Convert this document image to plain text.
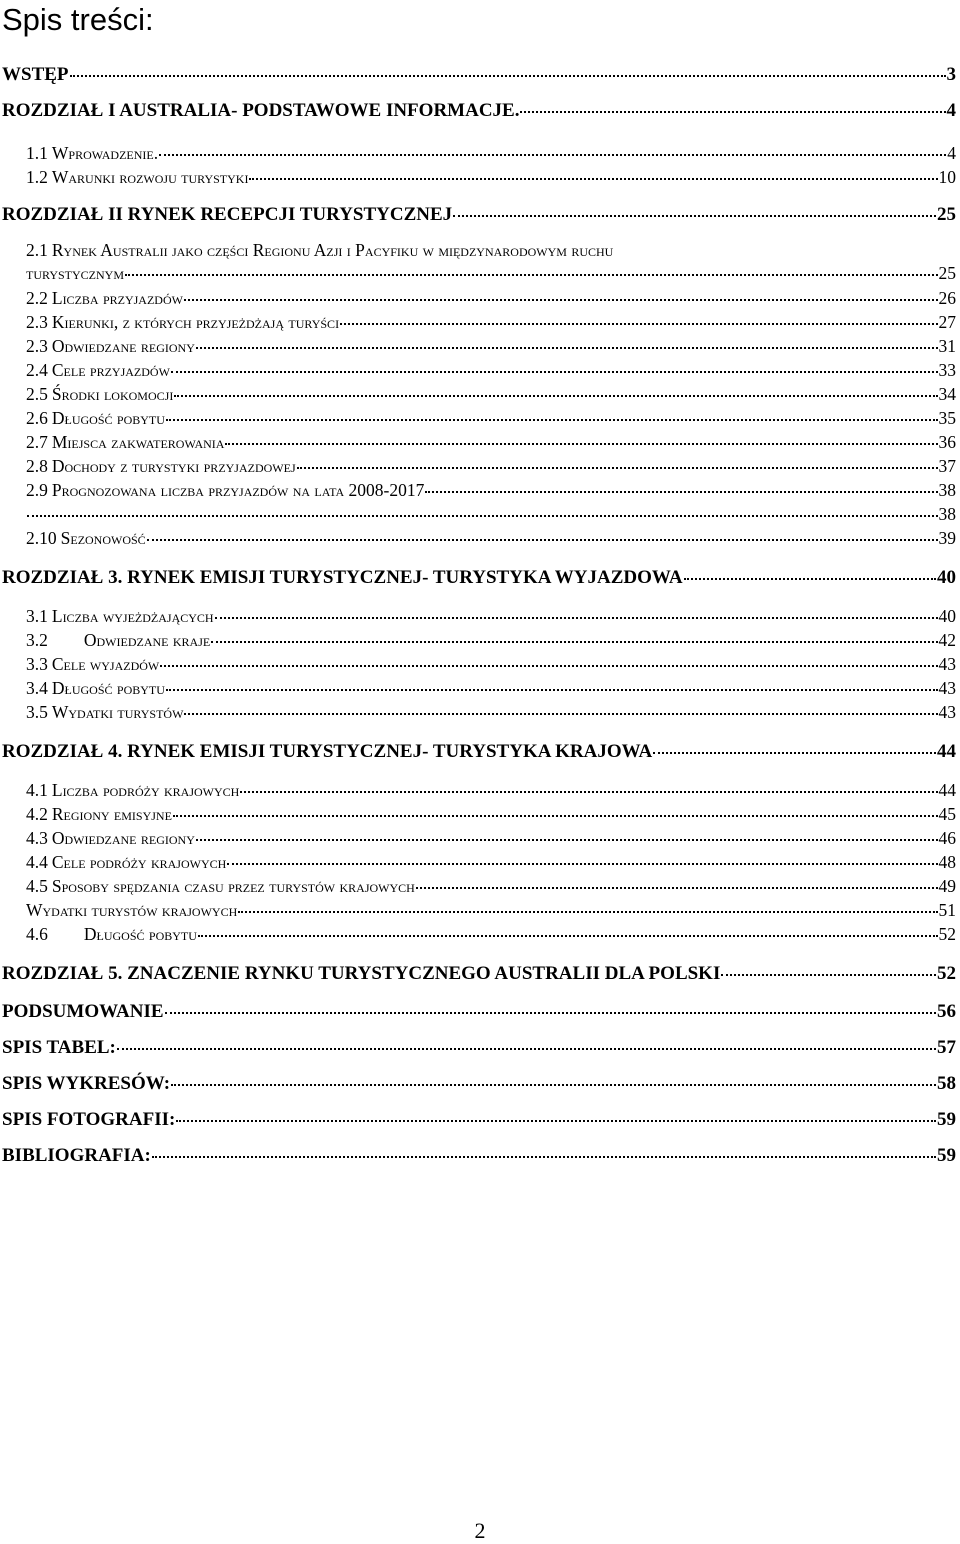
Spis treści:
WSTĘP	3
ROZDZIAŁ I AUSTRALIA- PODSTAWOWE INFORMACJE.	4
1.1 Wprowadzenie.	4
1.2 Warunki rozwoju turystyki	10
ROZDZIAŁ II RYNEK RECEPCJI TURYSTYCZNEJ	25
2.1 Rynek Australii jako części Regionu Azji i Pacyfiku w międzynarodowym ruchu
turystycznym	25
2.2 Liczba przyjazdów	26
2.3 Kierunki, z których przyjeżdżają turyści	27
2.3 Odwiedzane regiony	31
2.4 Cele przyjazdów	33
2.5 Środki lokomocji	34
2.6 Długość pobytu	35
2.7 Miejsca zakwaterowania	36
2.8 Dochody z turystyki przyjazdowej	37
2.9 Prognozowana liczba przyjazdów na lata 2008-2017	38
38
2.10 Sezonowość	39
ROZDZIAŁ 3. RYNEK EMISJI TURYSTYCZNEJ- TURYSTYKA WYJAZDOWA	40
3.1 Liczba wyjeżdżających	40
3.2 Odwiedzane kraje	42
3.3 Cele wyjazdów	43
3.4 Długość pobytu	43
3.5 Wydatki turystów	43
ROZDZIAŁ 4. RYNEK EMISJI TURYSTYCZNEJ- TURYSTYKA KRAJOWA	44
4.1 Liczba podróży krajowych	44
4.2 Regiony emisyjne	45
4.3 Odwiedzane regiony	46
4.4 Cele podróży krajowych	48
4.5 Sposoby spędzania czasu przez turystów krajowych	49
Wydatki turystów krajowych	51
4.6 Długość pobytu	52
ROZDZIAŁ 5. ZNACZENIE RYNKU TURYSTYCZNEGO AUSTRALII DLA POLSKI	52
PODSUMOWANIE	56
SPIS TABEL:	57
SPIS WYKRESÓW:	58
SPIS FOTOGRAFII:	59
BIBLIOGRAFIA:	59
2
